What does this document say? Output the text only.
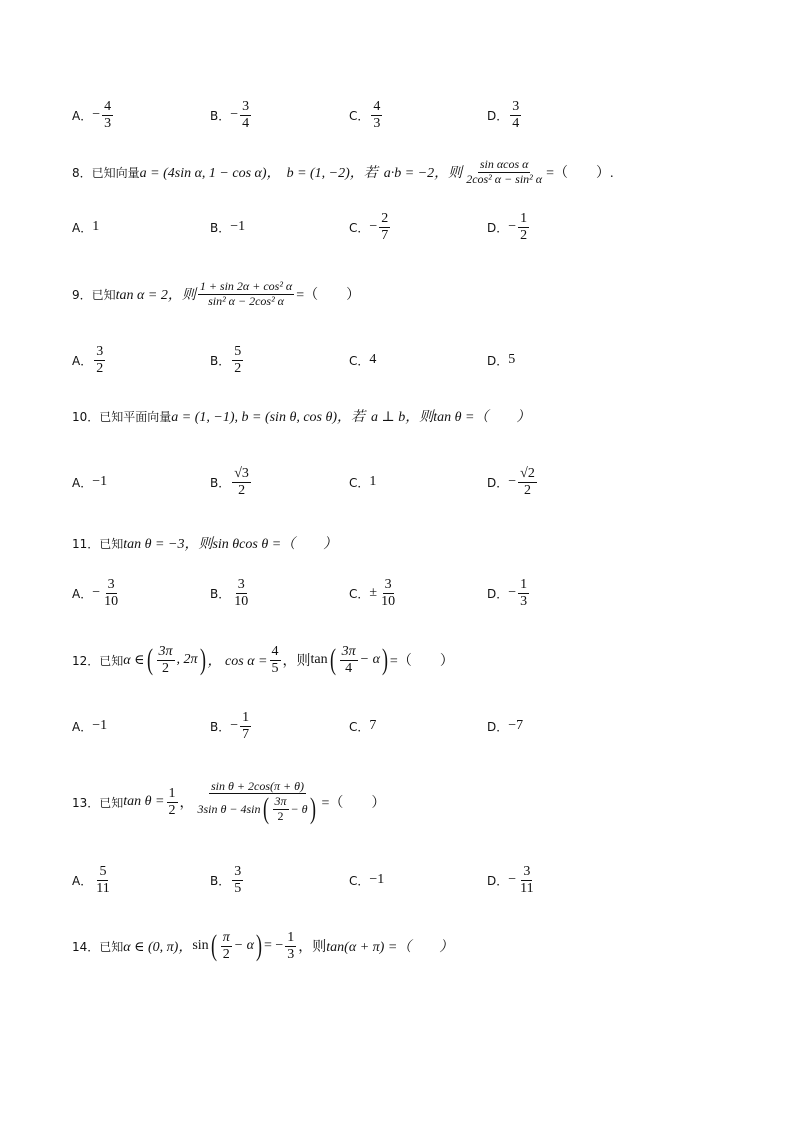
A． − $\frac{4}{3}$	B． − $\frac{3}{4}$	C． $\frac{4}{3}$	D． $\frac{3}{4}$
8．已知向量 a = (4sin α, 1 − cos α)， b = (1, −2)，若 a·b = −2，则 $\frac{\text{sin αcos α}}{\text{2cos² α − sin² α}}$ =（　　）.
A． 1	B． −1	C． − $\frac{2}{7}$	D． − $\frac{1}{2}$
9．已知 tan α = 2，则 $\frac{\text{1 + sin 2α + cos² α}}{\text{sin² α − 2cos² α}}$ =（　　）
A． $\frac{3}{2}$	B． $\frac{5}{2}$	C． 4	D． 5
10．已知平面向量 a = (1, −1), b = (sin θ, cos θ)，若 a ⊥ b，则 tan θ =（　　）
A． −1	B． $\frac{√3}{2}$	C． 1	D． − $\frac{√2}{2}$
11．已知 tan θ = −3，则 sin θcos θ =（　　）
A． − $\frac{3}{10}$	B． $\frac{3}{10}$	C． ± $\frac{3}{10}$	D． − $\frac{1}{3}$
12．已知 α ∈ ( $\frac{3\pi}{2}$ , 2π ) ， $\cos \alpha = \frac{4}{5}$ ，则 tan ( $\frac{3\pi}{4} - \alpha$ ) =（　　）
A． −1	B． − $\frac{1}{7}$	C． 7	D． −7
13．已知 $\tan \theta = \frac{1}{2}$ ， $\frac{\text{sin θ + 2cos(π + θ)}}{3\sin \theta - 4\sin ( \frac{3\pi}{2} - \theta )}$ =（　　）
A． $\frac{5}{11}$	B． $\frac{3}{5}$	C． −1	D． − $\frac{3}{11}$
14．已知 α ∈ (0, π)， sin ( $\frac{\pi}{2} - \alpha$ ) = − $\frac{1}{3}$ ，则 tan(α + π) =（　　）
